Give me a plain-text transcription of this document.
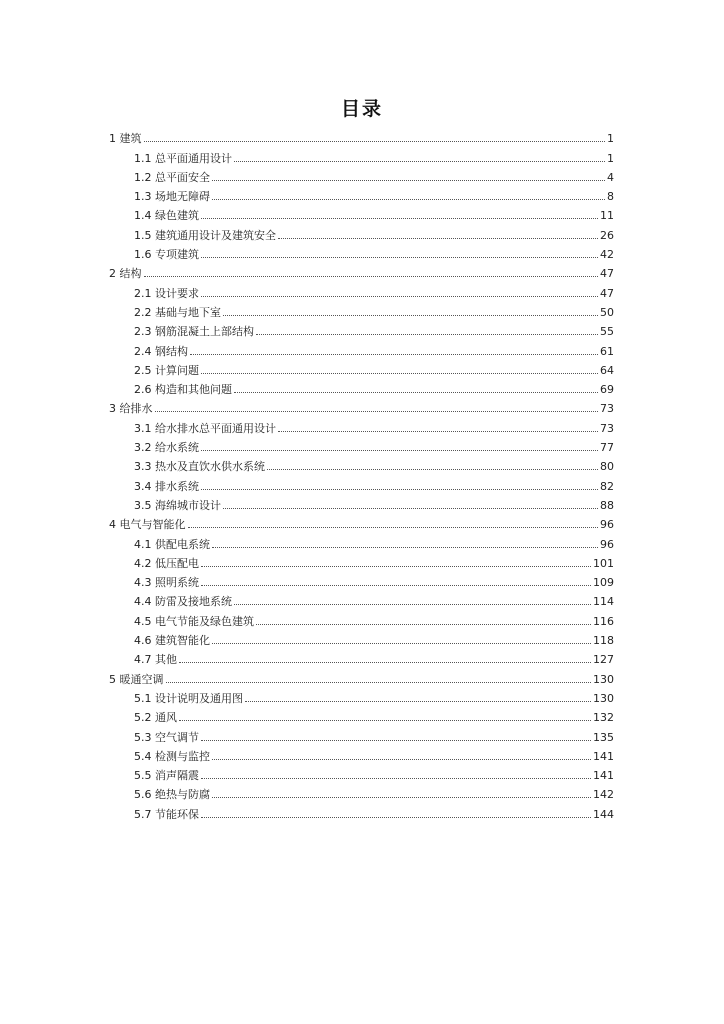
目录
1 建筑	1
1.1 总平面通用设计	1
1.2 总平面安全	4
1.3 场地无障碍	8
1.4 绿色建筑	11
1.5 建筑通用设计及建筑安全	26
1.6 专项建筑	42
2 结构	47
2.1 设计要求	47
2.2 基础与地下室	50
2.3 钢筋混凝土上部结构	55
2.4 钢结构	61
2.5 计算问题	64
2.6 构造和其他问题	69
3 给排水	73
3.1 给水排水总平面通用设计	73
3.2 给水系统	77
3.3 热水及直饮水供水系统	80
3.4 排水系统	82
3.5 海绵城市设计	88
4 电气与智能化	96
4.1 供配电系统	96
4.2 低压配电	101
4.3 照明系统	109
4.4 防雷及接地系统	114
4.5 电气节能及绿色建筑	116
4.6 建筑智能化	118
4.7 其他	127
5 暖通空调	130
5.1 设计说明及通用图	130
5.2 通风	132
5.3 空气调节	135
5.4 检测与监控	141
5.5 消声隔震	141
5.6 绝热与防腐	142
5.7 节能环保	144
